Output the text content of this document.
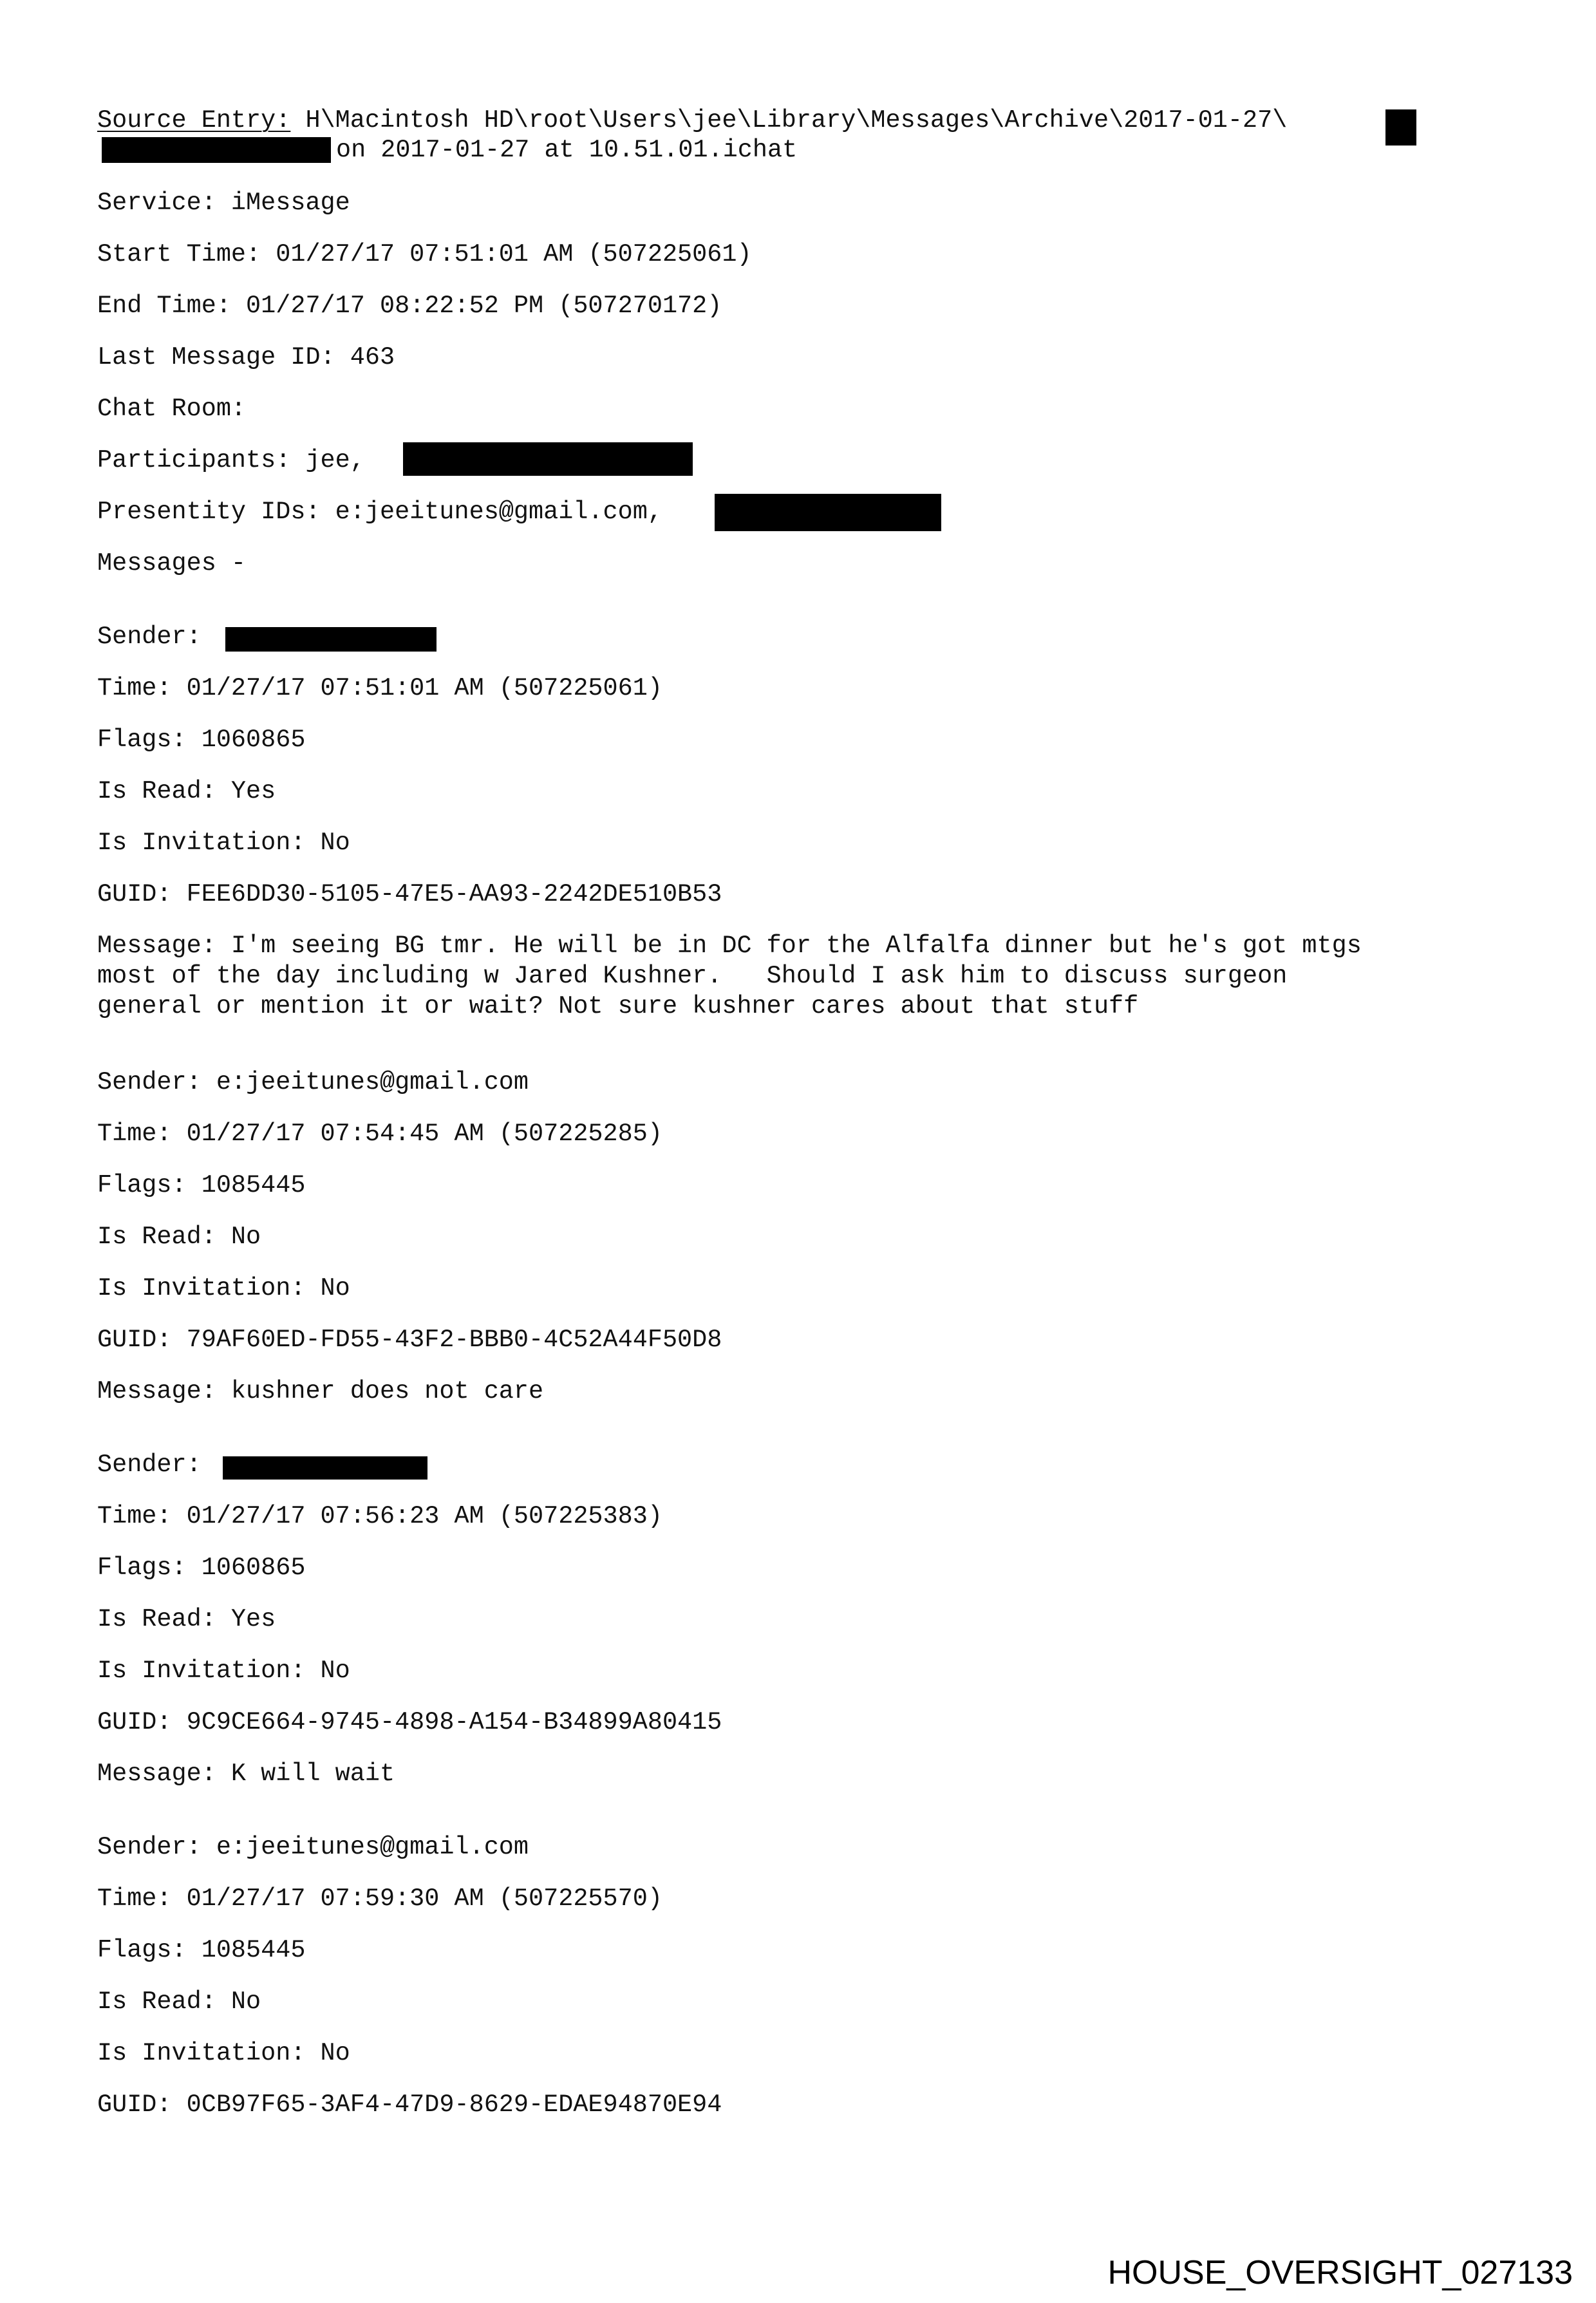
Source Entry: H\Macintosh HD\root\Users\jee\Library\Messages\Archive\2017-01-27\

on 2017-01-27 at 10.51.01.ichat

Service: iMessage

Start Time: 01/27/17 07:51:01 AM (507225061)

End Time: 01/27/17 08:22:52 PM (507270172)

Last Message ID: 463

Chat Room:

Participants: jee,

Presentity IDs: e:jeeitunes@gmail.com,

Messages -

Sender:

Time: 01/27/17 07:51:01 AM (507225061)

Flags: 1060865

Is Read: Yes

Is Invitation: No

GUID: FEE6DD30-5105-47E5-AA93-2242DE510B53

Message: I'm seeing BG tmr. He will be in DC for the Alfalfa dinner but he's got mtgs

most of the day including w Jared Kushner.   Should I ask him to discuss surgeon

general or mention it or wait? Not sure kushner cares about that stuff

Sender: e:jeeitunes@gmail.com

Time: 01/27/17 07:54:45 AM (507225285)

Flags: 1085445

Is Read: No

Is Invitation: No

GUID: 79AF60ED-FD55-43F2-BBB0-4C52A44F50D8

Message: kushner does not care

Sender:

Time: 01/27/17 07:56:23 AM (507225383)

Flags: 1060865

Is Read: Yes

Is Invitation: No

GUID: 9C9CE664-9745-4898-A154-B34899A80415

Message: K will wait

Sender: e:jeeitunes@gmail.com

Time: 01/27/17 07:59:30 AM (507225570)

Flags: 1085445

Is Read: No

Is Invitation: No

GUID: 0CB97F65-3AF4-47D9-8629-EDAE94870E94

HOUSE_OVERSIGHT_027133
